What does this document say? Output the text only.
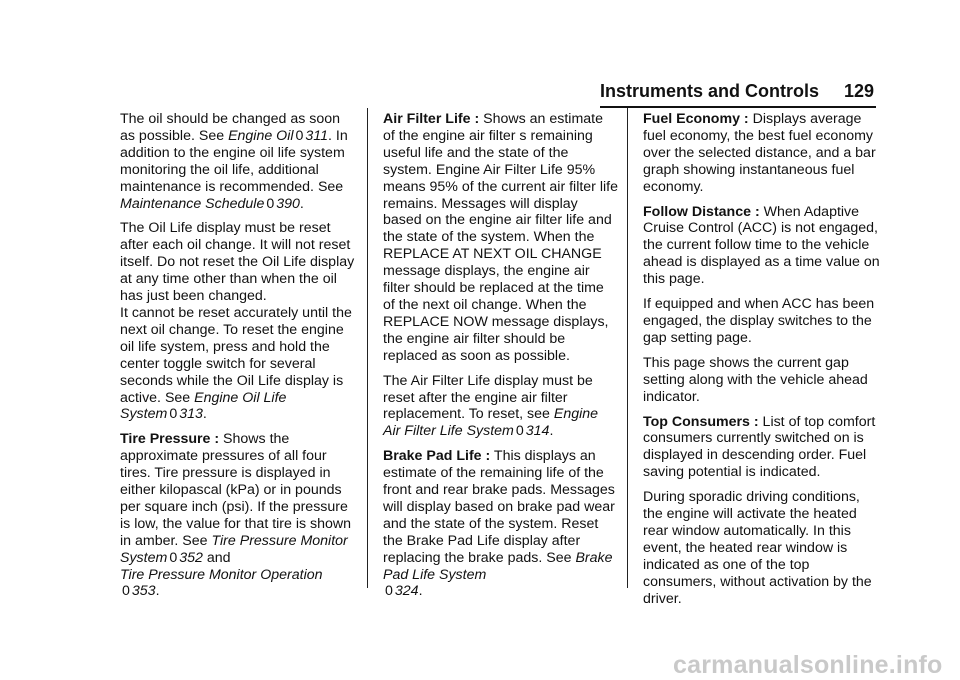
Instruments and Controls 129

The oil should be changed as soon as possible. See Engine Oil 0 311. In addition to the engine oil life system monitoring the oil life, additional maintenance is recommended. See Maintenance Schedule 0 390.

The Oil Life display must be reset after each oil change. It will not reset itself. Do not reset the Oil Life display at any time other than when the oil has just been changed.
It cannot be reset accurately until the next oil change. To reset the engine oil life system, press and hold the center toggle switch for several seconds while the Oil Life display is active. See Engine Oil Life System 0 313.

Tire Pressure : Shows the approximate pressures of all four tires. Tire pressure is displayed in either kilopascal (kPa) or in pounds per square inch (psi). If the pressure is low, the value for that tire is shown in amber. See Tire Pressure Monitor System 0 352 and
Tire Pressure Monitor Operation
0 353.

Air Filter Life : Shows an estimate of the engine air filter s remaining useful life and the state of the system. Engine Air Filter Life 95% means 95% of the current air filter life remains. Messages will display based on the engine air filter life and the state of the system. When the REPLACE AT NEXT OIL CHANGE message displays, the engine air filter should be replaced at the time of the next oil change. When the REPLACE NOW message displays, the engine air filter should be replaced as soon as possible.

The Air Filter Life display must be reset after the engine air filter replacement. To reset, see Engine Air Filter Life System 0 314.

Brake Pad Life : This displays an estimate of the remaining life of the front and rear brake pads. Messages will display based on brake pad wear and the state of the system. Reset the Brake Pad Life display after replacing the brake pads. See Brake Pad Life System
0 324.

Fuel Economy : Displays average fuel economy, the best fuel economy over the selected distance, and a bar graph showing instantaneous fuel economy.

Follow Distance : When Adaptive Cruise Control (ACC) is not engaged, the current follow time to the vehicle ahead is displayed as a time value on this page.

If equipped and when ACC has been engaged, the display switches to the gap setting page.

This page shows the current gap setting along with the vehicle ahead indicator.

Top Consumers : List of top comfort consumers currently switched on is displayed in descending order. Fuel saving potential is indicated.

During sporadic driving conditions, the engine will activate the heated rear window automatically. In this event, the heated rear window is indicated as one of the top consumers, without activation by the driver.

carmanualsonline.info
